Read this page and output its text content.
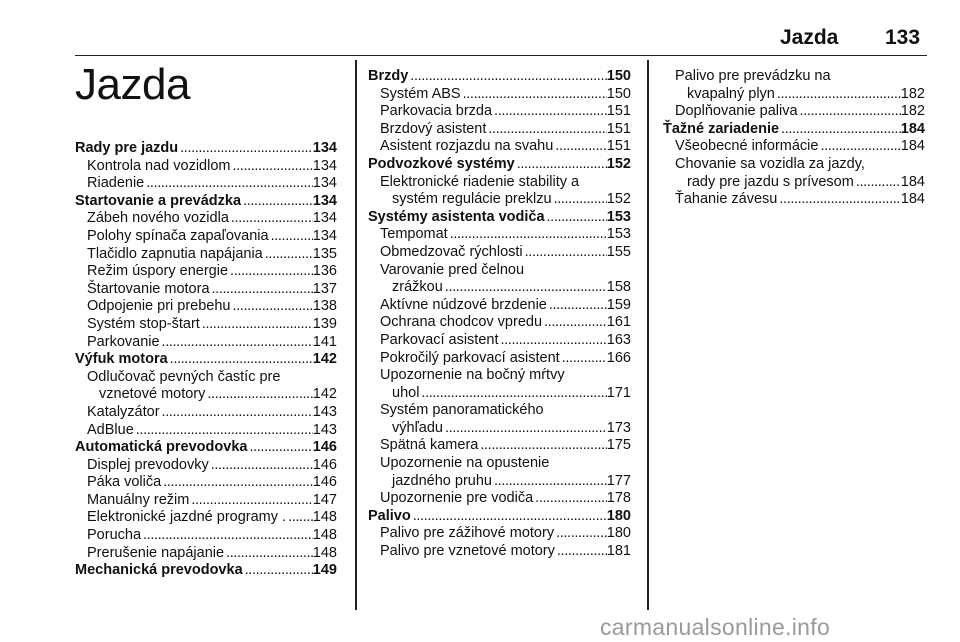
Jazda 133
Jazda
Rady pre jazdu . . .	134
Kontrola nad vozidlom . . .	134
Riadenie . . .	134
Startovanie a prevádzka . . .	134
Zábeh nového vozidla . . .	134
Polohy spínača zapaľovania . . .	134
Tlačidlo zapnutia napájania . . .	135
Režim úspory energie . . .	136
Štartovanie motora . . .	137
Odpojenie pri prebehu . . .	138
Systém stop-štart . . .	139
Parkovanie . . .	141
Výfuk motora . . .	142
Odlučovač pevných častíc pre
vznetové motory . . .	142
Katalyzátor . . .	143
AdBlue . . .	143
Automatická prevodovka . . .	146
Displej prevodovky . . .	146
Páka voliča . . .	146
Manuálny režim . . .	147
Elektronické jazdné programy . . . . 148
Porucha . . .	148
Prerušenie napájanie . . .	148
Mechanická prevodovka . . .	149
Brzdy . . .	150
Systém ABS . . .	150
Parkovacia brzda . . .	151
Brzdový asistent . . .	151
Asistent rozjazdu na svahu . . .	151
Podvozkové systémy . . .	152
Elektronické riadenie stability a
systém regulácie preklzu . . .	152
Systémy asistenta vodiča . . .	153
Tempomat . . .	153
Obmedzovač rýchlosti . . .	155
Varovanie pred čelnou
zrážkou . . .	158
Aktívne núdzové brzdenie . . .	159
Ochrana chodcov vpredu . . .	161
Parkovací asistent . . .	163
Pokročilý parkovací asistent . . .	166
Upozornenie na bočný mŕtvy
uhol . . .	171
Systém panoramatického
výhľadu . . .	173
Spätná kamera . . .	175
Upozornenie na opustenie
jazdného pruhu . . .	177
Upozornenie pre vodiča . . .	178
Palivo . . .	180
Palivo pre zážihové motory . . .	180
Palivo pre vznetové motory . . .	181
Palivo pre prevádzku na
kvapalný plyn . . .	182
Doplňovanie paliva . . .	182
Ťažné zariadenie . . .	184
Všeobecné informácie . . .	184
Chovanie sa vozidla za jazdy,
rady pre jazdu s prívesom . . .	184
Ťahanie závesu . . .	184
carmanualsonline.info
